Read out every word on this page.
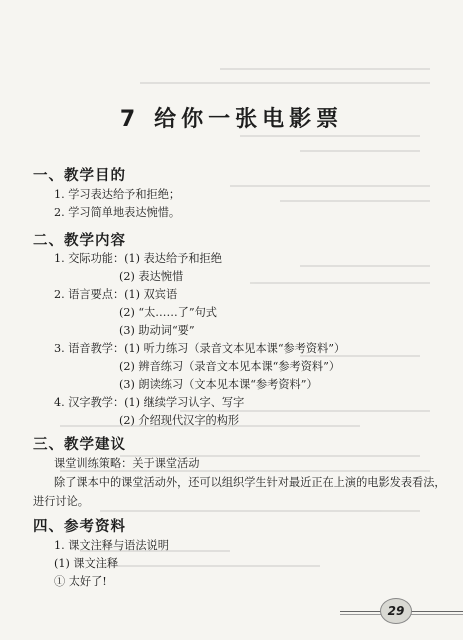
7 给你一张电影票
一、教学目的
1. 学习表达给予和拒绝；
2. 学习简单地表达惋惜。
二、教学内容
1. 交际功能：(1) 表达给予和拒绝
(2) 表达惋惜
2. 语言要点：(1) 双宾语
(2) “太……了”句式
(3) 助动词“要”
3. 语音教学：(1) 听力练习（录音文本见本课“参考资料”）
(2) 辨音练习（录音文本见本课“参考资料”）
(3) 朗读练习（文本见本课“参考资料”）
4. 汉字教学：(1) 继续学习认字、写字
(2) 介绍现代汉字的构形
三、教学建议
课堂训练策略：关于课堂活动
除了课本中的课堂活动外，还可以组织学生针对最近正在上演的电影发表看法，
进行讨论。
四、参考资料
1. 课文注释与语法说明
(1) 课文注释
① 太好了!
29
